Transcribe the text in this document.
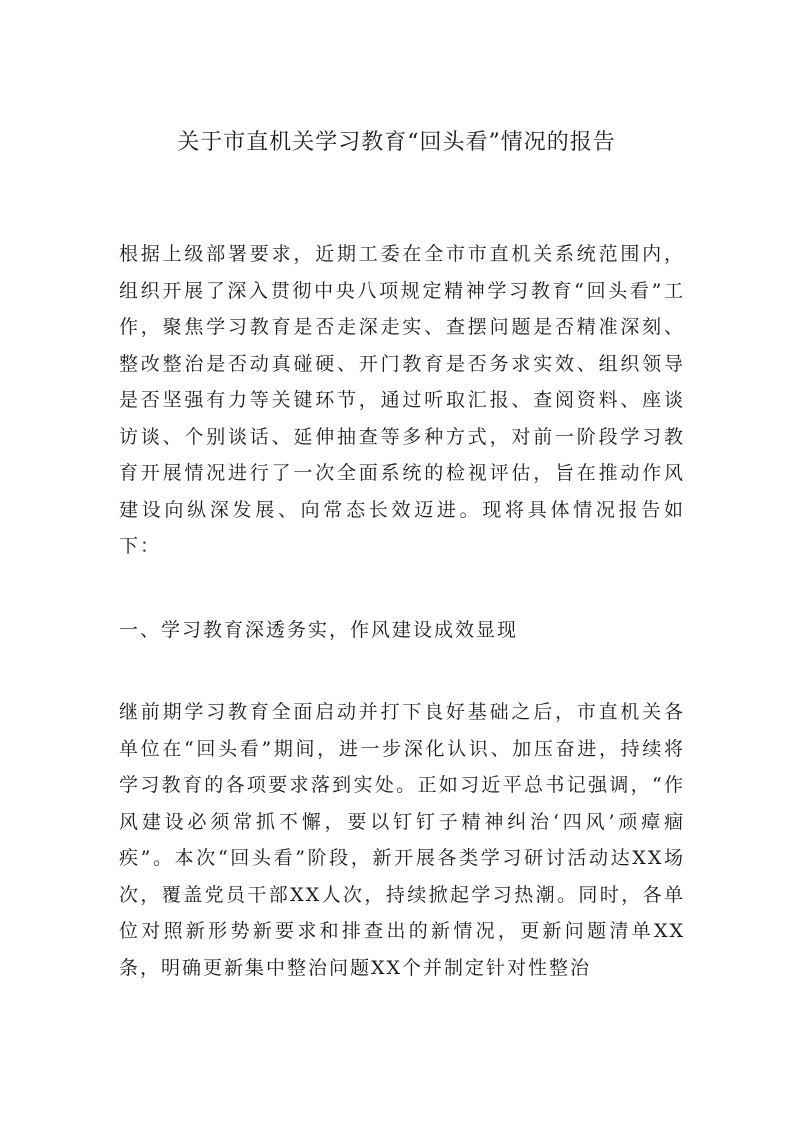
关于市直机关学习教育“回头看”情况的报告

根据上级部署要求，近期工委在全市市直机关系统范围内，组织开展了深入贯彻中央八项规定精神学习教育“回头看”工作，聚焦学习教育是否走深走实、查摆问题是否精准深刻、整改整治是否动真碰硬、开门教育是否务求实效、组织领导是否坚强有力等关键环节，通过听取汇报、查阅资料、座谈访谈、个别谈话、延伸抽查等多种方式，对前一阶段学习教育开展情况进行了一次全面系统的检视评估，旨在推动作风建设向纵深发展、向常态长效迈进。现将具体情况报告如下：

一、学习教育深透务实，作风建设成效显现

继前期学习教育全面启动并打下良好基础之后，市直机关各单位在“回头看”期间，进一步深化认识、加压奋进，持续将学习教育的各项要求落到实处。正如习近平总书记强调，“作风建设必须常抓不懈，要以钉钉子精神纠治‘四风’顽瘴痼疾”。本次“回头看”阶段，新开展各类学习研讨活动达XX场次，覆盖党员干部XX人次，持续掀起学习热潮。同时，各单位对照新形势新要求和排查出的新情况，更新问题清单XX条，明确更新集中整治问题XX个并制定针对性整治
